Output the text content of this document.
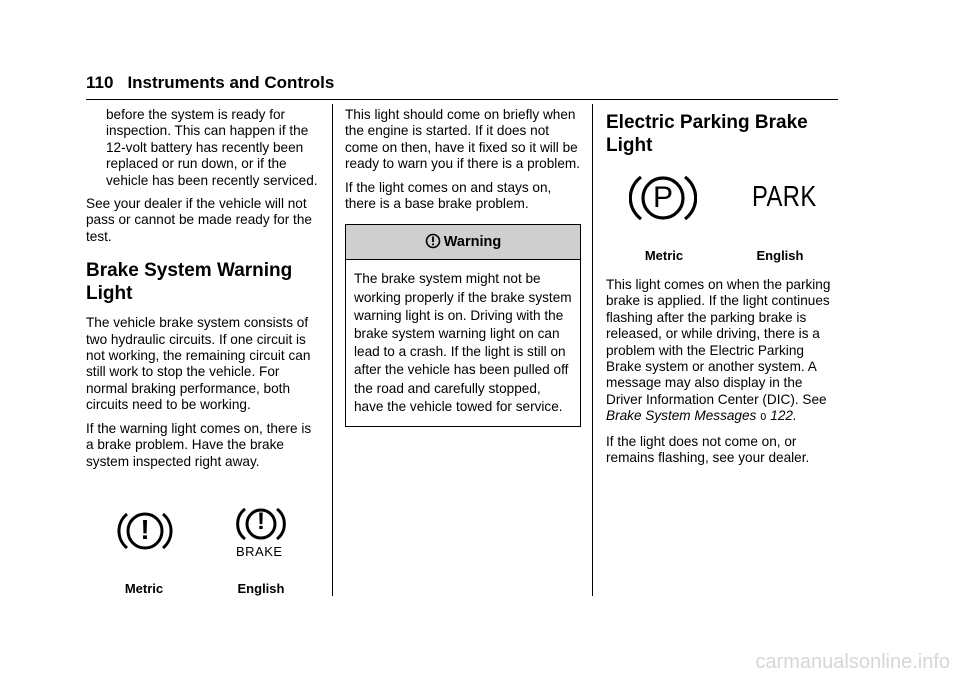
110 Instruments and Controls

before the system is ready for inspection. This can happen if the 12-volt battery has recently been replaced or run down, or if the vehicle has been recently serviced.

See your dealer if the vehicle will not pass or cannot be made ready for the test.

Brake System Warning Light

The vehicle brake system consists of two hydraulic circuits. If one circuit is not working, the remaining circuit can still work to stop the vehicle. For normal braking performance, both circuits need to be working.

If the warning light comes on, there is a brake problem. Have the brake system inspected right away.

!	!
BRAKE
Metric	English

This light should come on briefly when the engine is started. If it does not come on then, have it fixed so it will be ready to warn you if there is a problem.

If the light comes on and stays on, there is a base brake problem.

Warning

The brake system might not be working properly if the brake system warning light is on. Driving with the brake system warning light on can lead to a crash. If the light is still on after the vehicle has been pulled off the road and carefully stopped, have the vehicle towed for service.

Electric Parking Brake Light
P	PARK
Metric	English

This light comes on when the parking brake is applied. If the light continues flashing after the parking brake is released, or while driving, there is a problem with the Electric Parking Brake system or another system. A message may also display in the Driver Information Center (DIC). See Brake System Messages 0 122.

If the light does not come on, or remains flashing, see your dealer.

carmanualsonline.info
